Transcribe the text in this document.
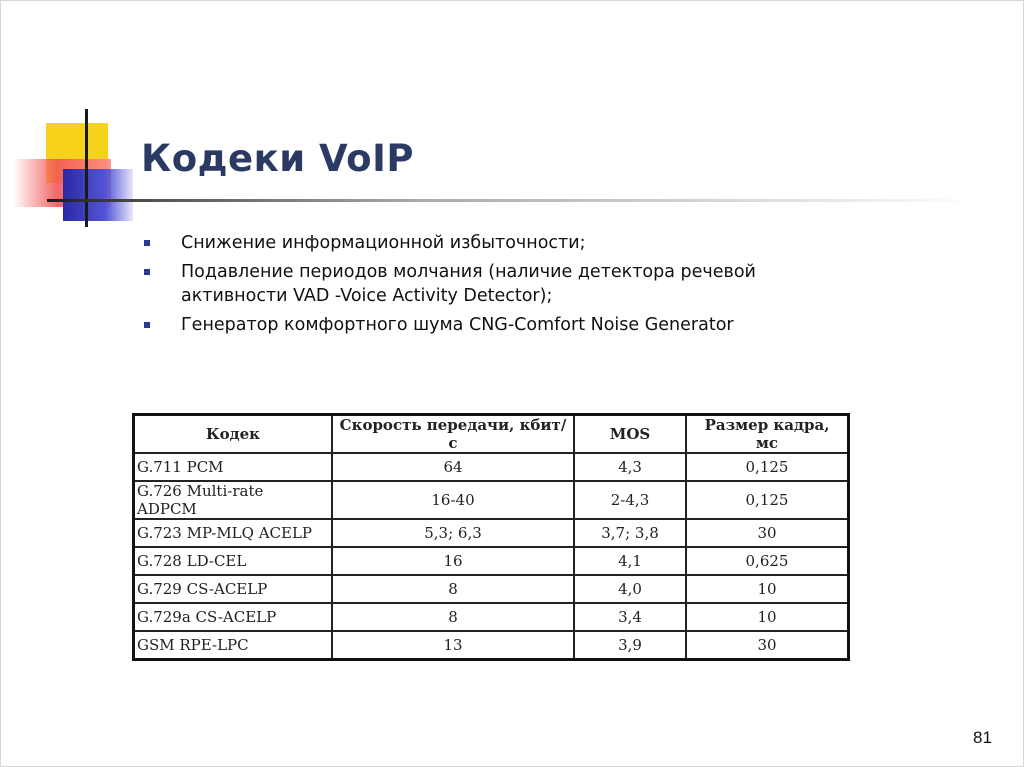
Кодеки VoIP
Снижение информационной избыточности;
Подавление периодов молчания (наличие детектора речевой
активности VAD -Voice Activity Detector);
Генератор комфортного шума CNG-Comfort Noise Generator
Кодек	Скорость передачи, кбит/с	MOS	Размер кадра, мс
G.711 PCM	64	4,3	0,125
G.726 Multi-rate ADPCM	16-40	2-4,3	0,125
G.723 MP-MLQ ACELP	5,3; 6,3	3,7; 3,8	30
G.728 LD-CEL	16	4,1	0,625
G.729 CS-ACELP	8	4,0	10
G.729a CS-ACELP	8	3,4	10
GSM RPE-LPC	13	3,9	30
81
